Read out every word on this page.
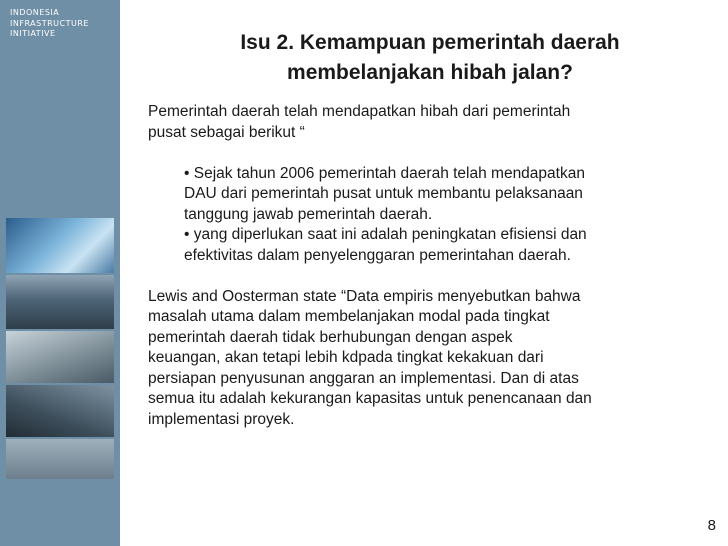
INDONESIA
INFRASTRUCTURE
INITIATIVE	Isu 2. Kemampuan pemerintah daerah
membelanjakan hibah jalan?

Pemerintah daerah telah mendapatkan hibah dari pemerintah

pusat sebagai berikut “

• Sejak tahun 2006 pemerintah daerah telah mendapatkan
DAU dari pemerintah pusat untuk membantu pelaksanaan
tanggung jawab pemerintah daerah.
• yang diperlukan saat ini adalah peningkatan efisiensi dan
efektivitas dalam penyelenggaran pemerintahan daerah.

Lewis and Oosterman state “Data empiris menyebutkan bahwa

masalah utama dalam membelanjakan modal pada tingkat

pemerintah daerah tidak berhubungan dengan aspek

keuangan, akan tetapi lebih kdpada tingkat kekakuan dari

persiapan penyusunan anggaran an implementasi. Dan di atas

semua itu adalah kekurangan kapasitas untuk penencanaan dan

implementasi proyek.

8
